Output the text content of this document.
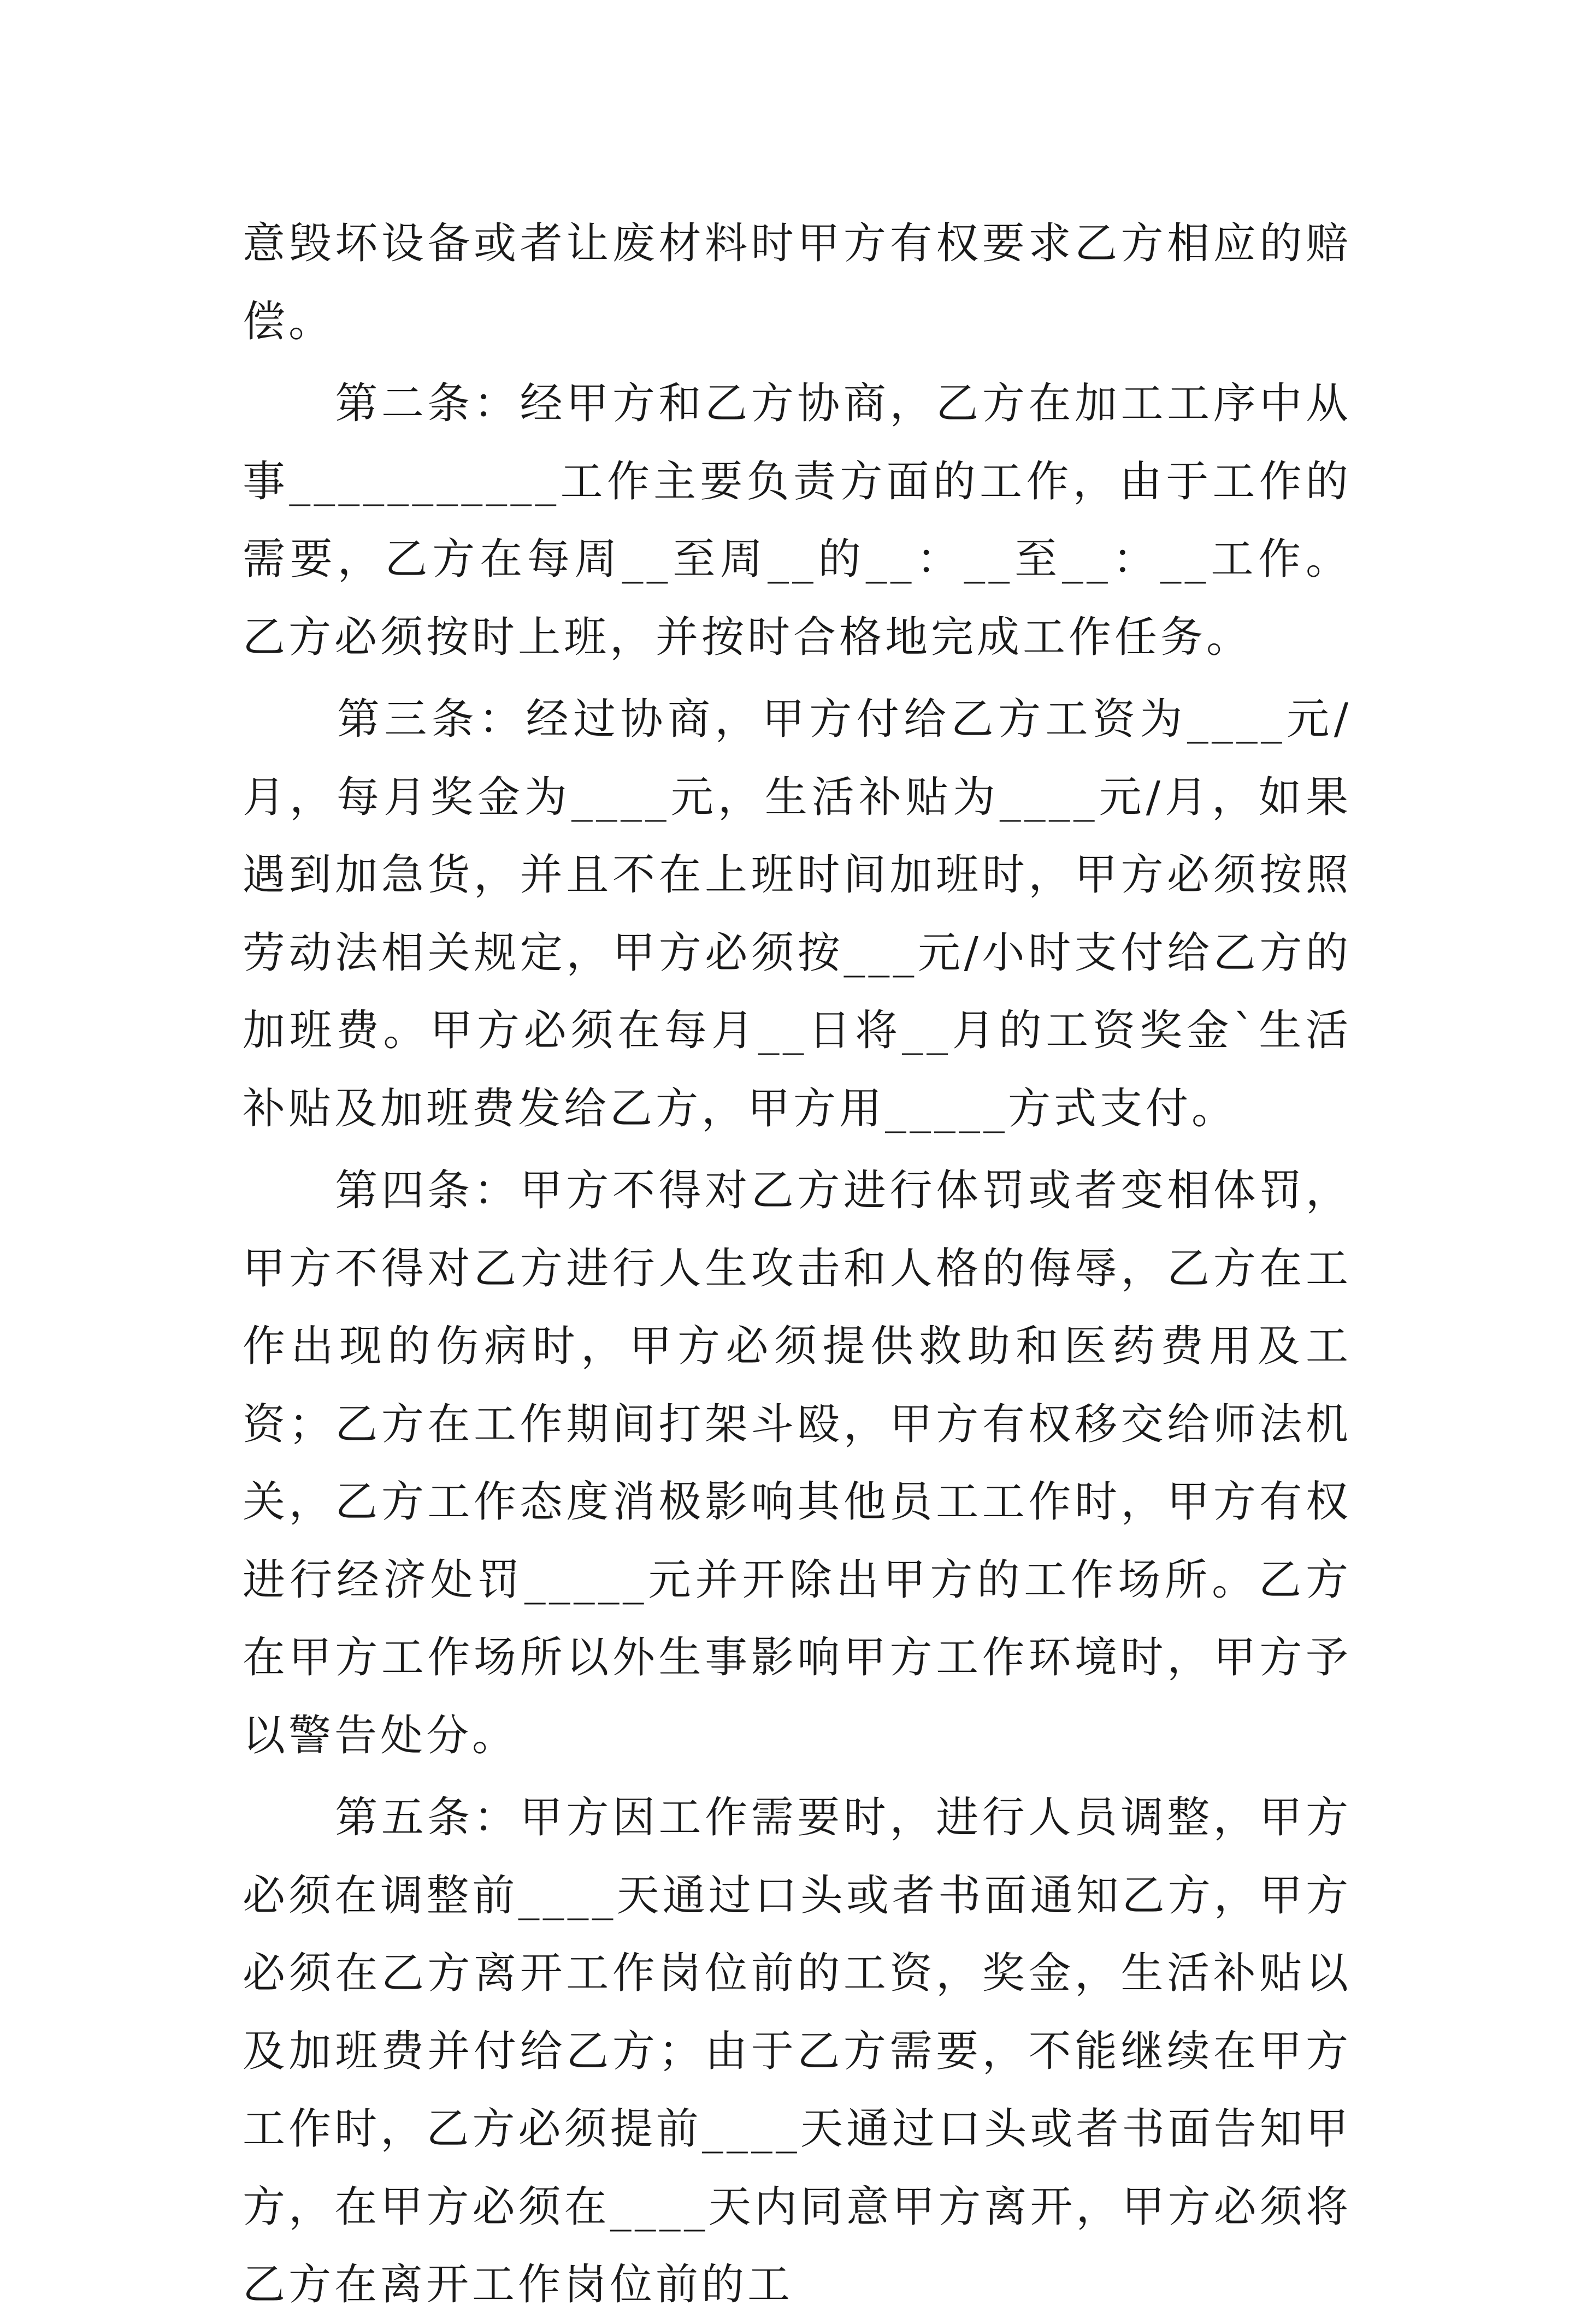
意毁坏设备或者让废材料时甲方有权要求乙方相应的赔偿。

　　第二条：经甲方和乙方协商，乙方在加工工序中从事___________工作主要负责方面的工作，由于工作的需要，乙方在每周__至周__的__：__至__：__工作。乙方必须按时上班，并按时合格地完成工作任务。

　　第三条：经过协商，甲方付给乙方工资为____元/月，每月奖金为____元，生活补贴为____元/月，如果遇到加急货，并且不在上班时间加班时，甲方必须按照劳动法相关规定，甲方必须按___元/小时支付给乙方的加班费。甲方必须在每月__日将__月的工资奖金`生活补贴及加班费发给乙方，甲方用_____方式支付。

　　第四条：甲方不得对乙方进行体罚或者变相体罚，甲方不得对乙方进行人生攻击和人格的侮辱，乙方在工作出现的伤病时，甲方必须提供救助和医药费用及工资；乙方在工作期间打架斗殴，甲方有权移交给师法机关，乙方工作态度消极影响其他员工工作时，甲方有权进行经济处罚_____元并开除出甲方的工作场所。乙方在甲方工作场所以外生事影响甲方工作环境时，甲方予以警告处分。

　　第五条：甲方因工作需要时，进行人员调整，甲方必须在调整前____天通过口头或者书面通知乙方，甲方必须在乙方离开工作岗位前的工资，奖金，生活补贴以及加班费并付给乙方；由于乙方需要，不能继续在甲方工作时，乙方必须提前____天通过口头或者书面告知甲方，在甲方必须在____天内同意甲方离开，甲方必须将乙方在离开工作岗位前的工
